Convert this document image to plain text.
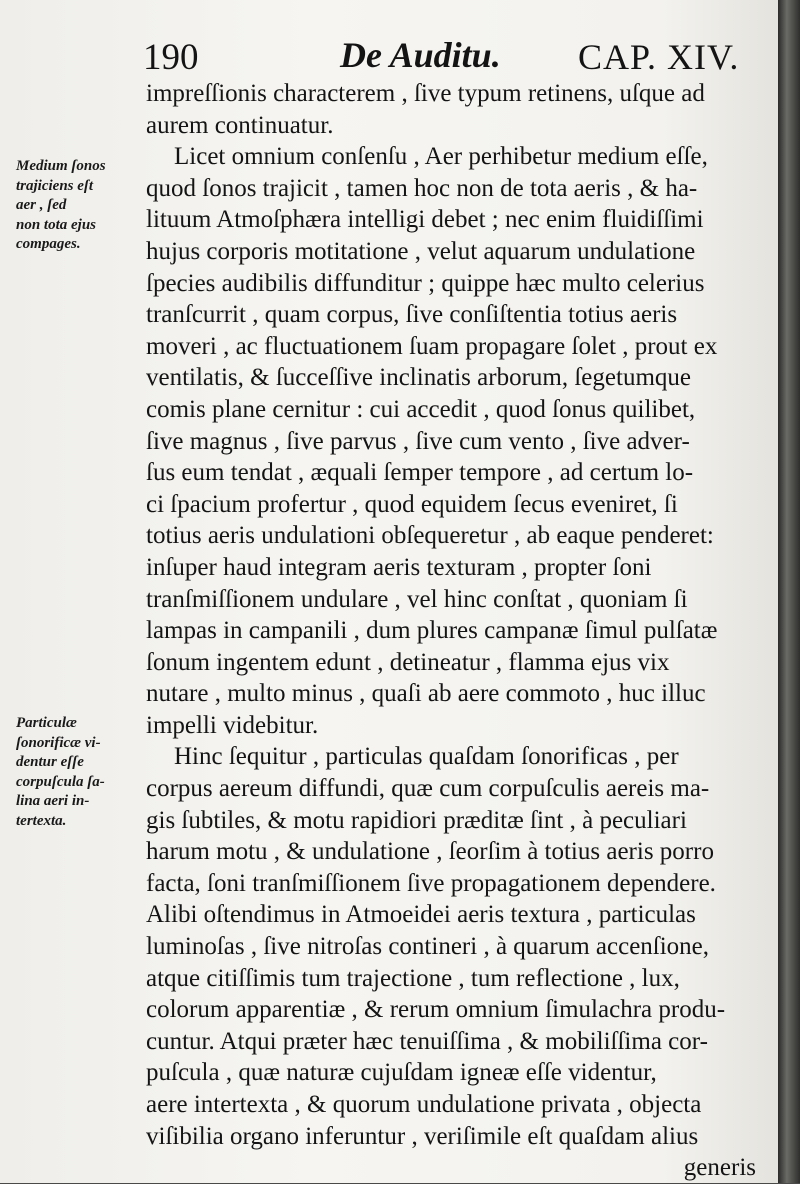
190	De Auditu. CAP. XIV.
Medium ſonos
trajiciens eſt
aer , ſed
non tota ejus
compages.
Particulæ
ſonorificæ vi-
dentur eſſe
corpuſcula ſa-
lina aeri in-
tertexta.
impreſſionis characterem , ſive typum retinens, uſque ad
aurem continuatur.
Licet omnium conſenſu , Aer perhibetur medium eſſe,
quod ſonos trajicit , tamen hoc non de tota aeris , & ha-
lituum Atmoſphæra intelligi debet ; nec enim fluidiſſimi
hujus corporis motitatione , velut aquarum undulatione
ſpecies audibilis diffunditur ; quippe hæc multo celerius
tranſcurrit , quam corpus, ſive conſiſtentia totius aeris
moveri , ac fluctuationem ſuam propagare ſolet , prout ex
ventilatis, & ſucceſſive inclinatis arborum, ſegetumque
comis plane cernitur : cui accedit , quod ſonus quilibet,
ſive magnus , ſive parvus , ſive cum vento , ſive adver-
ſus eum tendat , æquali ſemper tempore , ad certum lo-
ci ſpacium profertur , quod equidem ſecus eveniret, ſi
totius aeris undulationi obſequeretur , ab eaque penderet:
inſuper haud integram aeris texturam , propter ſoni
tranſmiſſionem undulare , vel hinc conſtat , quoniam ſi
lampas in campanili , dum plures campanæ ſimul pulſatæ
ſonum ingentem edunt , detineatur , flamma ejus vix
nutare , multo minus , quaſi ab aere commoto , huc illuc
impelli videbitur.
Hinc ſequitur , particulas quaſdam ſonorificas , per
corpus aereum diffundi, quæ cum corpuſculis aereis ma-
gis ſubtiles, & motu rapidiori præditæ ſint , à peculiari
harum motu , & undulatione , ſeorſim à totius aeris porro
facta, ſoni tranſmiſſionem ſive propagationem dependere.
Alibi oſtendimus in Atmoeidei aeris textura , particulas
luminoſas , ſive nitroſas contineri , à quarum accenſione,
atque citiſſimis tum trajectione , tum reflectione , lux,
colorum apparentiæ , & rerum omnium ſimulachra produ-
cuntur. Atqui præter hæc tenuiſſima , & mobiliſſima cor-
puſcula , quæ naturæ cujuſdam igneæ eſſe videntur,
aere intertexta , & quorum undulatione privata , objecta
viſibilia organo inferuntur , veriſimile eſt quaſdam alius
generis
